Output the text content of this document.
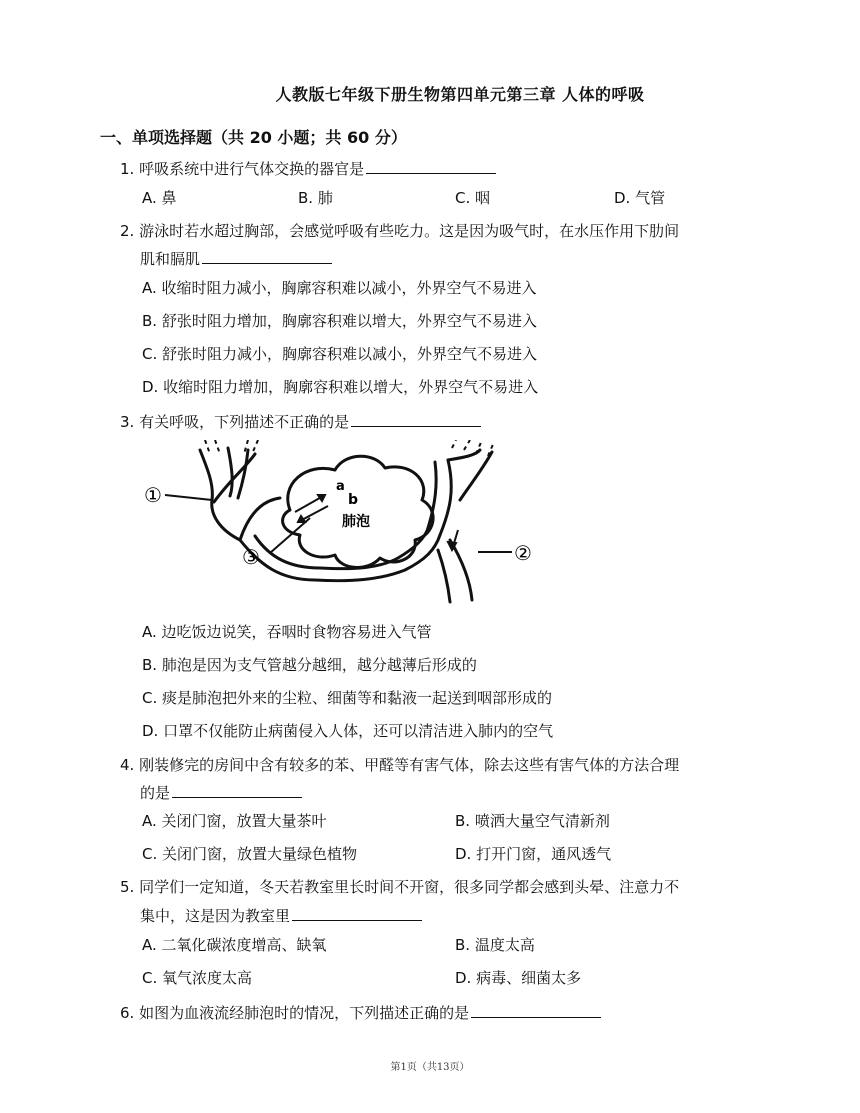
人教版七年级下册生物第四单元第三章 人体的呼吸
一、单项选择题（共 20 小题；共 60 分）
1. 呼吸系统中进行气体交换的器官是
A. 鼻	B. 肺	C. 咽	D. 气管
2. 游泳时若水超过胸部，会感觉呼吸有些吃力。这是因为吸气时，在水压作用下肋间
肌和膈肌
A. 收缩时阻力减小，胸廓容积难以减小，外界空气不易进入
B. 舒张时阻力增加，胸廓容积难以增大，外界空气不易进入
C. 舒张时阻力减小，胸廓容积难以减小，外界空气不易进入
D. 收缩时阻力增加，胸廓容积难以增大，外界空气不易进入
3. 有关呼吸，下列描述不正确的是
①
③	②
a
b
肺泡
A. 边吃饭边说笑，吞咽时食物容易进入气管
B. 肺泡是因为支气管越分越细，越分越薄后形成的
C. 痰是肺泡把外来的尘粒、细菌等和黏液一起送到咽部形成的
D. 口罩不仅能防止病菌侵入人体，还可以清洁进入肺内的空气
4. 刚装修完的房间中含有较多的苯、甲醛等有害气体，除去这些有害气体的方法合理
的是
A. 关闭门窗，放置大量茶叶	B. 喷洒大量空气清新剂
C. 关闭门窗，放置大量绿色植物	D. 打开门窗，通风透气
5. 同学们一定知道，冬天若教室里长时间不开窗，很多同学都会感到头晕、注意力不
集中，这是因为教室里
A. 二氧化碳浓度增高、缺氧	B. 温度太高
C. 氧气浓度太高	D. 病毒、细菌太多
6. 如图为血液流经肺泡时的情况，下列描述正确的是
第1页（共13页）
